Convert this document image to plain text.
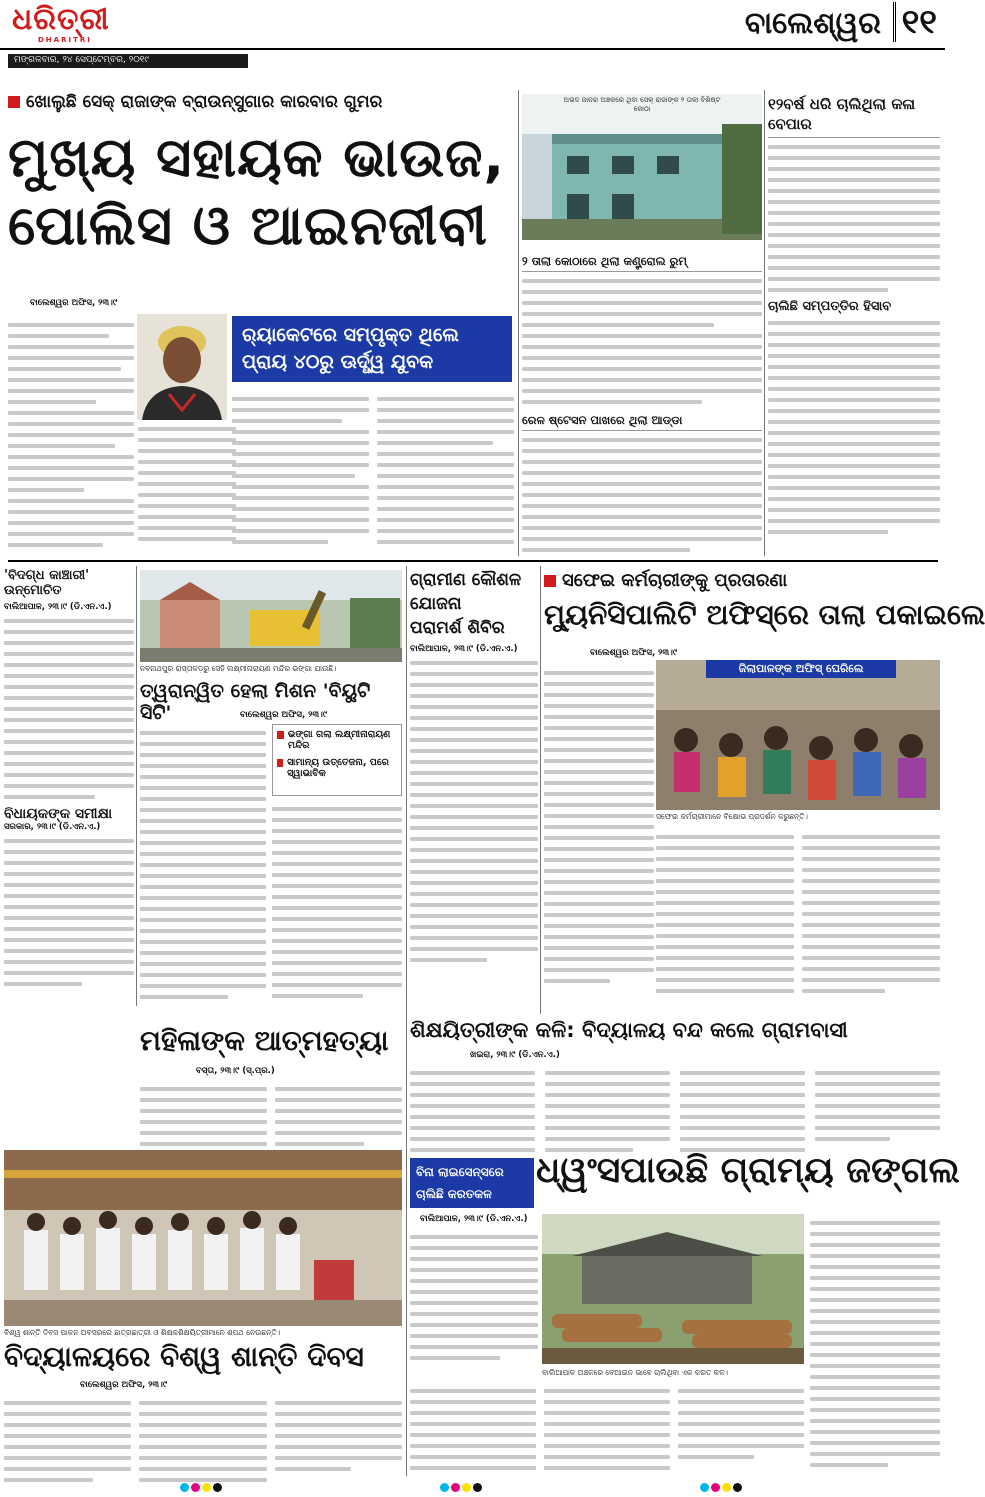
ଧରିତ୍ରୀ
DHARITRI	ବାଲେଶ୍ୱର ୧୧
ମଙ୍ଗଳବାର, ୨୪ ସେପ୍ଟେମ୍ବର, ୨୦୧୯
ଖୋଲୁଛି ସେକ୍ ରାଜାଙ୍କ ବ୍ରାଉନ୍‌ସୁଗାର କାରବାର ଗୁମର
ମୁଖ୍ୟ ସହାୟକ ଭାଉଜ,
ପୋଲିସ ଓ ଆଇନଜୀବୀ
ବାଲେଶ୍ୱର ଅଫିସ, ୨୩।୯
ର୍‍ୟାକେଟରେ ସମ୍ପୃକ୍ତ ଥିଲେ
ପ୍ରାୟ ୪୦ରୁ ଊର୍ଦ୍ଧ୍ୱ ଯୁବକ
ଅଭଦ ଜାନର ଅଞ୍ଚଳରେ ଥିବା ସେକ୍ ରାଜାଙ୍କ ୨ ତାଲା ବିଶିଷ୍ଟ କୋଠା
୨ ତାଲା କୋଠାରେ ଥିଲା କଣ୍ଟ୍ରୋଲ ରୁମ୍
ରେଳ ଷ୍ଟେସନ ପାଖରେ ଥିଲା ଆଡ୍ଡା
୧୨ବର୍ଷ ଧରି ଚାଲିଥିଲା କଳା ବେପାର
ଚାଲିଛି ସମ୍ପତ୍ତିର ହିସାବ
'ବିଦଗ୍ଧ କାଞ୍ଚାରୀ'
ଉନ୍ମୋଚିତ
ବାଲିଆପାଳ, ୨୩।୯ (ଡି.ଏନ.ଏ.)
ବିଧାୟକଙ୍କ ସମୀକ୍ଷା
ସରକାର, ୨୩।୯ (ଡି.ଏନ.ଏ.)
ନବନାଥପୁର ରାସ୍ତାକଡ଼ରୁ ସେହି ଲକ୍ଷ୍ମୀନାରାୟଣ ମନ୍ଦିର ଭଙ୍ଗା ଯାଉଛି।
ତ୍ୱରାନ୍ୱିତ ହେଲା ମିଶନ 'ବିୟୁଟି ସିଟି'	ବାଲେଶ୍ୱର ଅଫିସ, ୨୩।୯
ଭଙ୍ଗା ଗଲା ଲକ୍ଷ୍ମୀନାରାୟଣ ମନ୍ଦିର
ସାମାନ୍ୟ ଉତ୍ତେଜନା, ପରେ ସ୍ୱାଭାବିକ
ଗ୍ରାମୀଣ କୌଶଳ
ଯୋଜନା
ପରାମର୍ଶ ଶିବିର
ବାଲିଆପାଳ, ୨୩।୯ (ଡି.ଏନ.ଏ.)
ସଫେଇ କର୍ମଚାରୀଙ୍କୁ ପ୍ରତାରଣା
ମ୍ୟୁନିସିପାଲିଟି ଅଫିସ୍‌ରେ ତାଲା ପକାଇଲେ
ବାଲେଶ୍ୱର ଅଫିସ, ୨୩।୯
ଜିଲାପାଳଙ୍କ ଅଫିସ୍ ଘେରିଲେ
ସଫେଇ କର୍ମଚାରୀମାନେ ବିକ୍ଷୋଭ ପ୍ରଦର୍ଶନ କରୁଛନ୍ତି।
ଶିକ୍ଷୟିତ୍ରୀଙ୍କ କଳି: ବିଦ୍ୟାଳୟ ବନ୍ଦ କଲେ ଗ୍ରାମବାସୀ
ଖଇରା, ୨୩।୯ (ଡି.ଏନ.ଏ.)
ମହିଳାଙ୍କ ଆତ୍ମହତ୍ୟା
ବସ୍ତା, ୨୩।୯ (ସ୍.ପ୍ର.)
ବିଶ୍ୱ ଶାନ୍ତି ଦିବସ ପାଳନ ଅବସରରେ ଛାତ୍ରଛାତ୍ରୀ ଓ ଶିକ୍ଷକଶିକ୍ଷୟିତ୍ରୀମାନେ ଶପଥ ନେଉଛନ୍ତି।
ବିଦ୍ୟାଳୟରେ ବିଶ୍ୱ ଶାନ୍ତି ଦିବସ
ବାଲେଶ୍ୱର ଅଫିସ, ୨୩।୯
ବିନା ଲାଇସେନ୍ସରେ
ଚାଲିଛି କରତକଳ
ଧ୍ୱଂସପାଉଛି ଗ୍ରାମ୍ୟ ଜଙ୍ଗଲ
ବାଲିଆପାଳ, ୨୩।୯ (ଡି.ଏନ.ଏ.)
ବାଲିଆପାଳ ଅଞ୍ଚଳରେ ବେଆଇନ ଭାବେ ଚାଲିଥିବା ଏକ କରତ କଳ।
